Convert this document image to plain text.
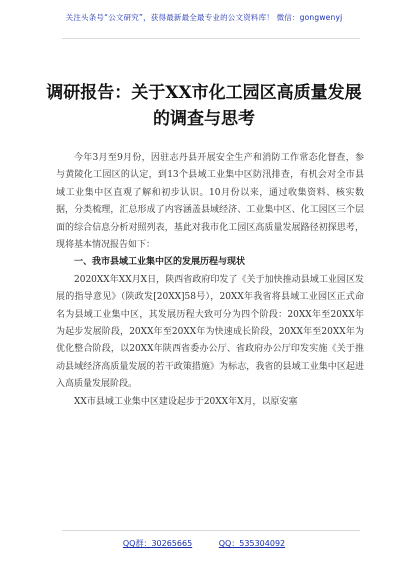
关注头条号“公文研究”，获得最新最全最专业的公文资料库！ 微信：gongwenyj
调研报告：关于XX市化工园区高质量发展的调查与思考

今年3月至9月份，因驻志丹县开展安全生产和消防工作常态化督查，参与黄陵化工园区的认定，到13个县域工业集中区防汛排查，有机会对全市县域工业集中区直观了解和初步认识。10月份以来，通过收集资料、核实数据，分类梳理，汇总形成了内容涵盖县域经济、工业集中区、化工园区三个层面的综合信息分析对照列表，基此对我市化工园区高质量发展路径初探思考，现将基本情况报告如下：

一、我市县域工业集中区的发展历程与现状

2020XX年XX月X日，陕西省政府印发了《关于加快推动县域工业园区发展的指导意见》（陕政发[20XX]58号），20XX年我省将县域工业园区正式命名为县域工业集中区，其发展历程大致可分为四个阶段：20XX年至20XX年为起步发展阶段，20XX年至20XX年为快速成长阶段，20XX年至20XX年为优化整合阶段，以20XX年陕西省委办公厅、省政府办公厅印发实施《关于推动县域经济高质量发展的若干政策措施》为标志，我省的县域工业集中区起进入高质量发展阶段。

XX市县域工业集中区建设起步于20XX年X月，以原安塞

QQ群：30265665	QQ：535304092
